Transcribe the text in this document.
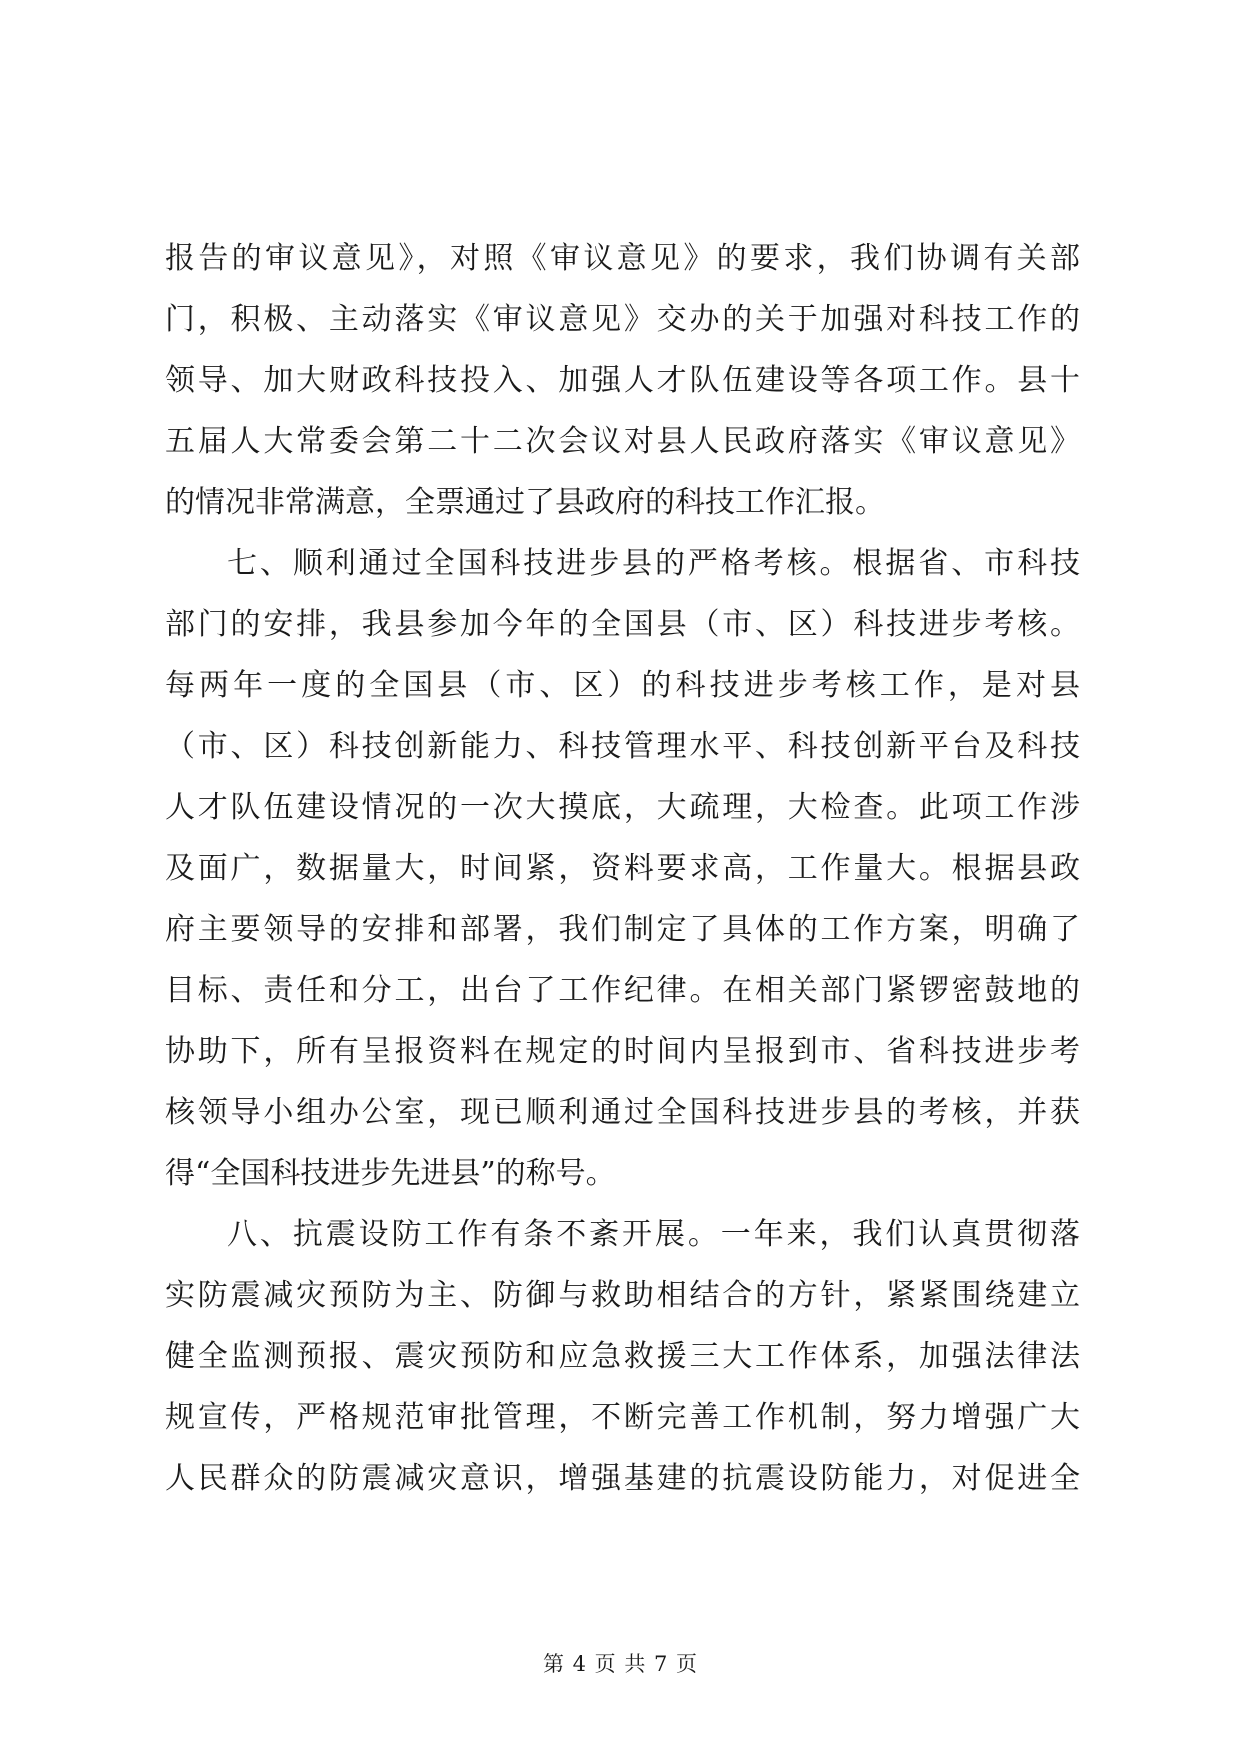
报告的审议意见》，对照《审议意见》的要求，我们协调有关部
门，积极、主动落实《审议意见》交办的关于加强对科技工作的
领导、加大财政科技投入、加强人才队伍建设等各项工作。县十
五届人大常委会第二十二次会议对县人民政府落实《审议意见》
的情况非常满意，全票通过了县政府的科技工作汇报。
七、顺利通过全国科技进步县的严格考核。根据省、市科技
部门的安排，我县参加今年的全国县（市、区）科技进步考核。
每两年一度的全国县（市、区）的科技进步考核工作，是对县
（市、区）科技创新能力、科技管理水平、科技创新平台及科技
人才队伍建设情况的一次大摸底，大疏理，大检查。此项工作涉
及面广，数据量大，时间紧，资料要求高，工作量大。根据县政
府主要领导的安排和部署，我们制定了具体的工作方案，明确了
目标、责任和分工，出台了工作纪律。在相关部门紧锣密鼓地的
协助下，所有呈报资料在规定的时间内呈报到市、省科技进步考
核领导小组办公室，现已顺利通过全国科技进步县的考核，并获
得“全国科技进步先进县”的称号。
八、抗震设防工作有条不紊开展。一年来，我们认真贯彻落
实防震减灾预防为主、防御与救助相结合的方针，紧紧围绕建立
健全监测预报、震灾预防和应急救援三大工作体系，加强法律法
规宣传，严格规范审批管理，不断完善工作机制，努力增强广大
人民群众的防震减灾意识，增强基建的抗震设防能力，对促进全
第 4 页 共 7 页
